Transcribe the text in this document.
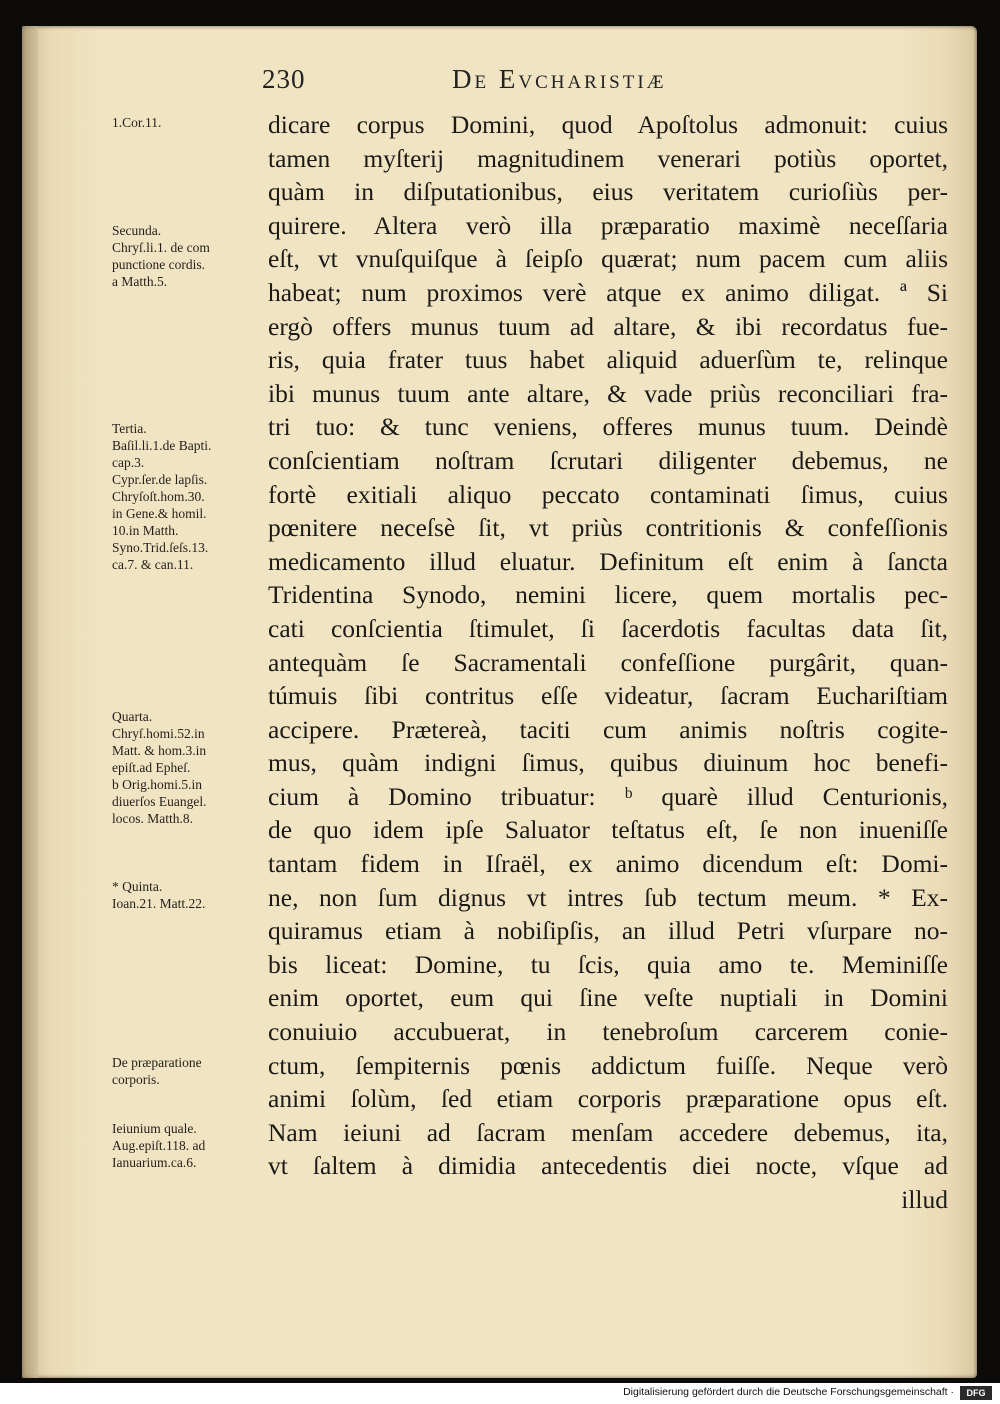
230	De Evcharistiæ
dicare corpus Domini, quod Apoſtolus admonuit: cuius
tamen myſterij magnitudinem venerari potiùs oportet,
quàm in diſputationibus, eius veritatem curioſiùs per-
quirere. Altera verò illa præparatio maximè neceſſaria
eſt, vt vnuſquiſque à ſeipſo quærat; num pacem cum aliis
habeat; num proximos verè atque ex animo diligat. ª Si
ergò offers munus tuum ad altare, & ibi recordatus fue-
ris, quia frater tuus habet aliquid aduerſùm te, relinque
ibi munus tuum ante altare, & vade priùs reconciliari fra-
tri tuo: & tunc veniens, offeres munus tuum. Deindè
conſcientiam noſtram ſcrutari diligenter debemus, ne
fortè exitiali aliquo peccato contaminati ſimus, cuius
pœnitere neceſsè ſit, vt priùs contritionis & confeſſionis
medicamento illud eluatur. Definitum eſt enim à ſancta
Tridentina Synodo, nemini licere, quem mortalis pec-
cati conſcientia ſtimulet, ſi ſacerdotis facultas data ſit,
antequàm ſe Sacramentali confeſſione purgârit, quan-
túmuis ſibi contritus eſſe videatur, ſacram Euchariſtiam
accipere. Prætereà, taciti cum animis noſtris cogite-
mus, quàm indigni ſimus, quibus diuinum hoc benefi-
cium à Domino tribuatur: ᵇ quarè illud Centurionis,
de quo idem ipſe Saluator teſtatus eſt, ſe non inueniſſe
tantam fidem in Iſraël, ex animo dicendum eſt: Domi-
ne, non ſum dignus vt intres ſub tectum meum. * Ex-
quiramus etiam à nobiſipſis, an illud Petri vſurpare no-
bis liceat: Domine, tu ſcis, quia amo te. Meminiſſe
enim oportet, eum qui ſine veſte nuptiali in Domini
conuiuio accubuerat, in tenebroſum carcerem conie-
ctum, ſempiternis pœnis addictum fuiſſe. Neque verò
animi ſolùm, ſed etiam corporis præparatione opus eſt.
Nam ieiuni ad ſacram menſam accedere debemus, ita,
vt ſaltem à dimidia antecedentis diei nocte, vſque ad
illud
1.Cor.11.
Secunda.
Chryſ.li.1. de com
punctione cordis.
a Matth.5.
Tertia.
Baſil.li.1.de Bapti.
cap.3.
Cypr.ſer.de lapſis.
Chryſoſt.hom.30.
in Gene.& homil.
10.in Matth.
Syno.Trid.ſeſs.13.
ca.7. & can.11.
Quarta.
Chryſ.homi.52.in
Matt. & hom.3.in
epiſt.ad Epheſ.
b Orig.homi.5.in
diuerſos Euangel.
locos. Matth.8.
* Quinta.
Ioan.21. Matt.22.
De præparatione
corporis.
Ieiunium quale.
Aug.epiſt.118. ad
Ianuarium.ca.6.
Digitalisierung gefördert durch die Deutsche Forschungsgemeinschaft ·	DFG
